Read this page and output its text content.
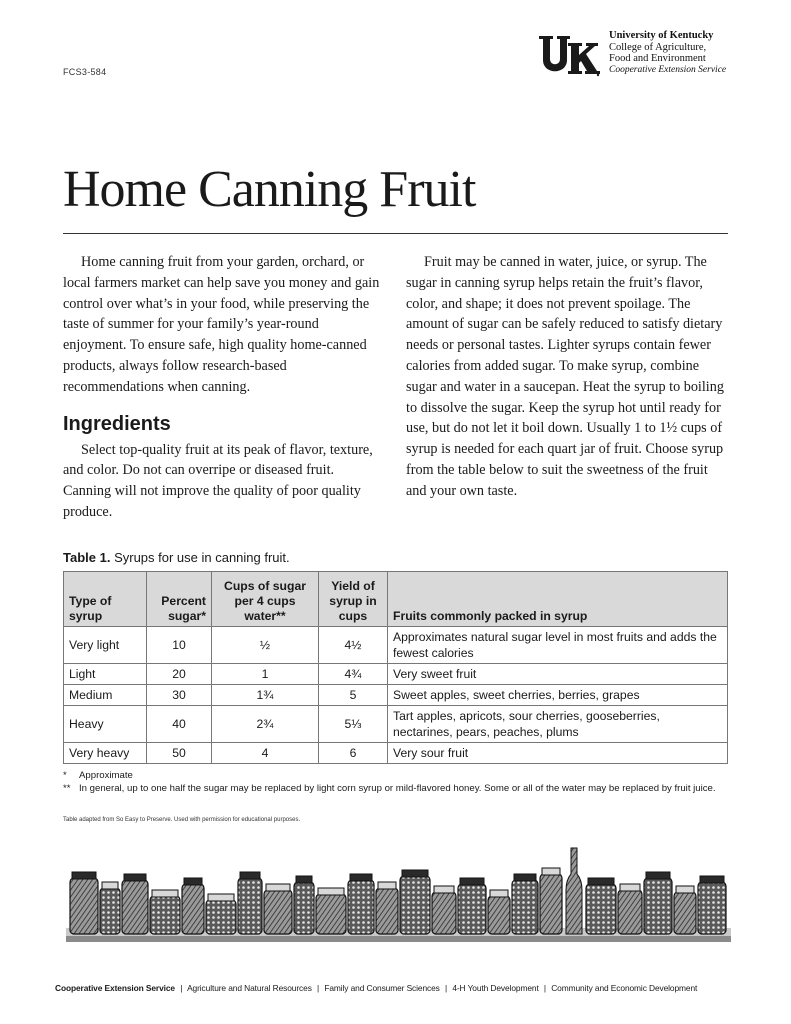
FCS3-584
University of Kentucky
College of Agriculture,
Food and Environment
Cooperative Extension Service
Home Canning Fruit

Home canning fruit from your garden, orchard, or local farmers market can help save you money and gain control over what’s in your food, while preserving the taste of summer for your family’s year-round enjoyment. To ensure safe, high quality home-canned products, always follow research-based recommendations when canning.

Ingredients

Select top-quality fruit at its peak of flavor, texture, and color. Do not can overripe or diseased fruit. Canning will not improve the quality of poor quality produce.

Fruit may be canned in water, juice, or syrup. The sugar in canning syrup helps retain the fruit’s flavor, color, and shape; it does not prevent spoilage. The amount of sugar can be safely reduced to satisfy dietary needs or personal tastes. Lighter syrups contain fewer calories from added sugar. To make syrup, combine sugar and water in a saucepan. Heat the syrup to boiling to dissolve the sugar. Keep the syrup hot until ready for use, but do not let it boil down. Usually 1 to 1½ cups of syrup is needed for each quart jar of fruit. Choose syrup from the table below to suit the sweetness of the fruit and your own taste.

Table 1. Syrups for use in canning fruit.
Type of syrup	Percent sugar*	Cups of sugar per 4 cups water**	Yield of syrup in cups	Fruits commonly packed in syrup
Very light	10	½	4½	Approximates natural sugar level in most fruits and adds the fewest calories
Light	20	1	4¾	Very sweet fruit
Medium	30	1¾	5	Sweet apples, sweet cherries, berries, grapes
Heavy	40	2¾	5⅓	Tart apples, apricots, sour cherries, gooseberries, nectarines, pears, peaches, plums
Very heavy	50	4	6	Very sour fruit
*	Approximate
** In general, up to one half the sugar may be replaced by light corn syrup or mild-flavored honey. Some or all of the water may be replaced by fruit juice.
Table adapted from So Easy to Preserve. Used with permission for educational purposes.
Cooperative Extension Service | Agriculture and Natural Resources | Family and Consumer Sciences | 4-H Youth Development | Community and Economic Development
